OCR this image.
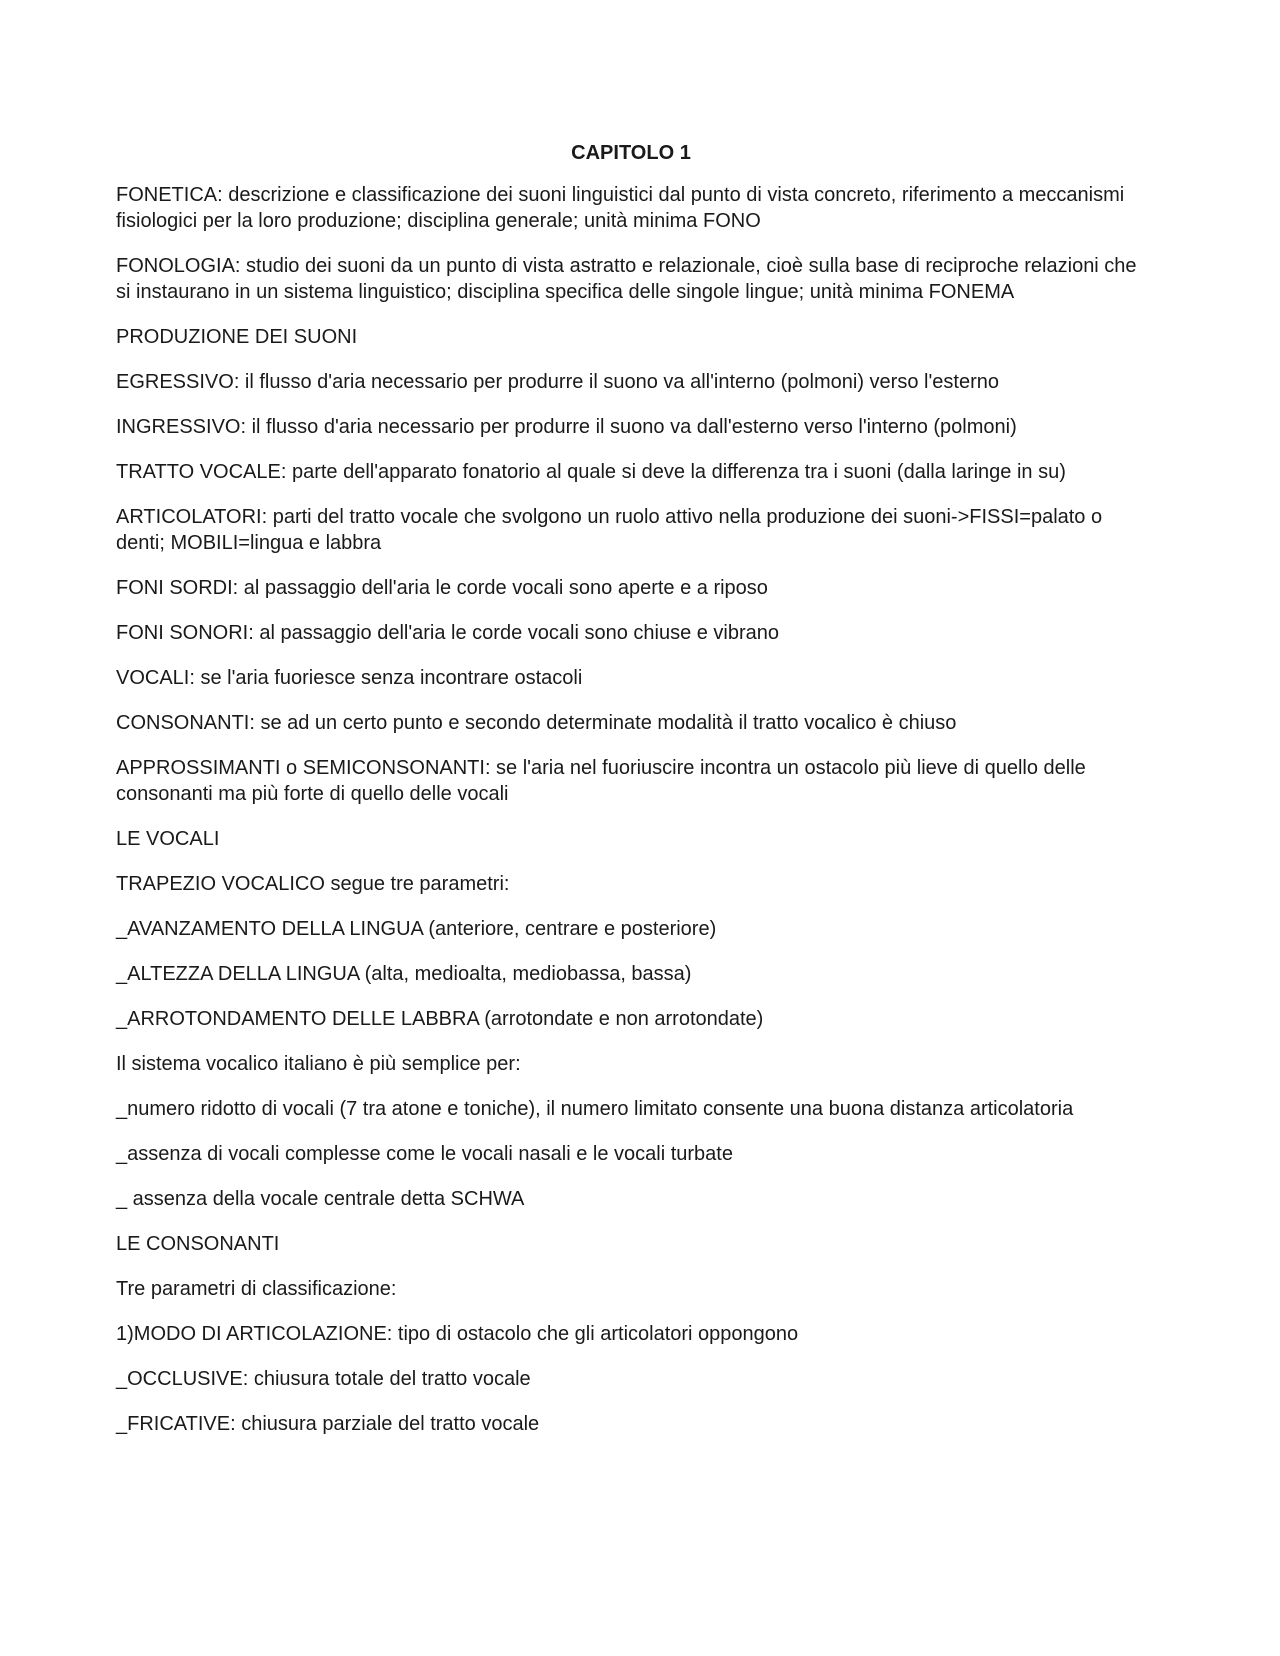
CAPITOLO 1

FONETICA: descrizione e classificazione dei suoni linguistici dal punto di vista concreto, riferimento a meccanismi fisiologici per la loro produzione; disciplina generale; unità minima FONO

FONOLOGIA: studio dei suoni da un punto di vista astratto e relazionale, cioè sulla base di reciproche relazioni che si instaurano in un sistema linguistico; disciplina specifica delle singole lingue; unità minima FONEMA

PRODUZIONE DEI SUONI

EGRESSIVO: il flusso d'aria necessario per produrre il suono va all'interno (polmoni) verso l'esterno

INGRESSIVO: il flusso d'aria necessario per produrre il suono va dall'esterno verso l'interno (polmoni)

TRATTO VOCALE: parte dell'apparato fonatorio al quale si deve la differenza tra i suoni (dalla laringe in su)

ARTICOLATORI: parti del tratto vocale che svolgono un ruolo attivo nella produzione dei suoni->FISSI=palato o denti; MOBILI=lingua e labbra

FONI SORDI: al passaggio dell'aria le corde vocali sono aperte e a riposo

FONI SONORI: al passaggio dell'aria le corde vocali sono chiuse e vibrano

VOCALI: se l'aria fuoriesce senza incontrare ostacoli

CONSONANTI: se ad un certo punto e secondo determinate modalità il tratto vocalico è chiuso

APPROSSIMANTI o SEMICONSONANTI: se l'aria nel fuoriuscire incontra un ostacolo più lieve di quello delle consonanti ma più forte di quello delle vocali

LE VOCALI

TRAPEZIO VOCALICO segue tre parametri:

_AVANZAMENTO DELLA LINGUA (anteriore, centrare e posteriore)

_ALTEZZA DELLA LINGUA (alta, medioalta, mediobassa, bassa)

_ARROTONDAMENTO DELLE LABBRA (arrotondate e non arrotondate)

Il sistema vocalico italiano è più semplice per:

_numero ridotto di vocali (7 tra atone e toniche), il numero limitato consente una buona distanza articolatoria

_assenza di vocali complesse come le vocali nasali e le vocali turbate

_ assenza della vocale centrale detta SCHWA

LE CONSONANTI

Tre parametri di classificazione:

1)MODO DI ARTICOLAZIONE: tipo di ostacolo che gli articolatori oppongono

_OCCLUSIVE: chiusura totale del tratto vocale

_FRICATIVE: chiusura parziale del tratto vocale
